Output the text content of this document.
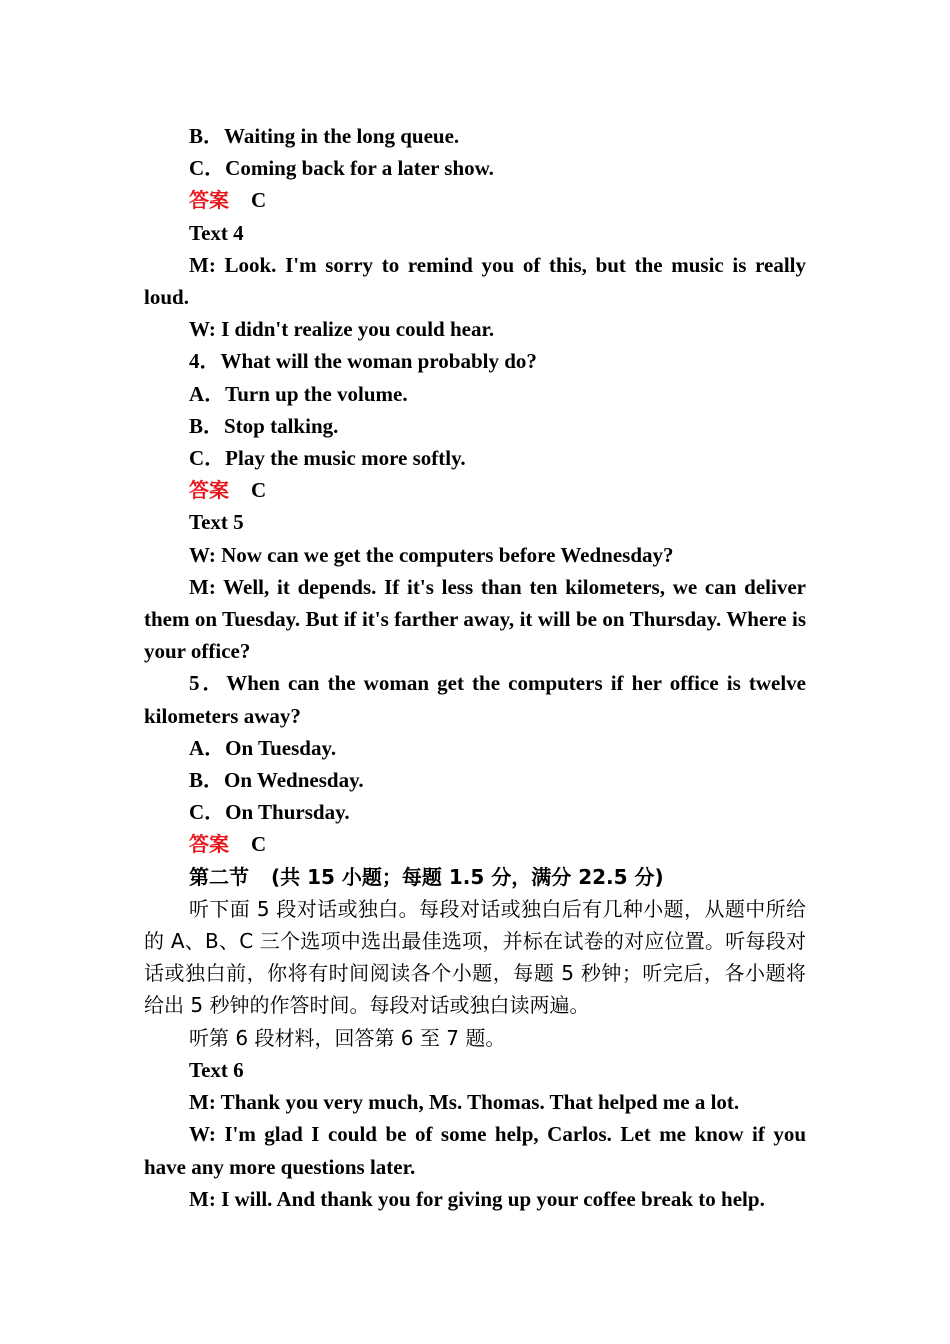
B．Waiting in the long queue.

C．Coming back for a later show.

答案 C

Text 4

M: Look. I'm sorry to remind you of this, but the music is really loud.

W: I didn't realize you could hear.

4．What will the woman probably do?

A．Turn up the volume.

B．Stop talking.

C．Play the music more softly.

答案 C

Text 5

W: Now can we get the computers before Wednesday?

M: Well, it depends. If it's less than ten kilometers, we can deliver them on Tuesday. But if it's farther away, it will be on Thursday. Where is your office?

5．When can the woman get the computers if her office is twelve kilometers away?

A．On Tuesday.

B．On Wednesday.

C．On Thursday.

答案 C

第二节 (共 15 小题；每题 1.5 分，满分 22.5 分)

听下面 5 段对话或独白。每段对话或独白后有几种小题，从题中所给的 A、B、C 三个选项中选出最佳选项，并标在试卷的对应位置。听每段对话或独白前，你将有时间阅读各个小题，每题 5 秒钟；听完后，各小题将给出 5 秒钟的作答时间。每段对话或独白读两遍。

听第 6 段材料，回答第 6 至 7 题。

Text 6

M: Thank you very much, Ms. Thomas. That helped me a lot.

W: I'm glad I could be of some help, Carlos. Let me know if you have any more questions later.

M: I will. And thank you for giving up your coffee break to help.
